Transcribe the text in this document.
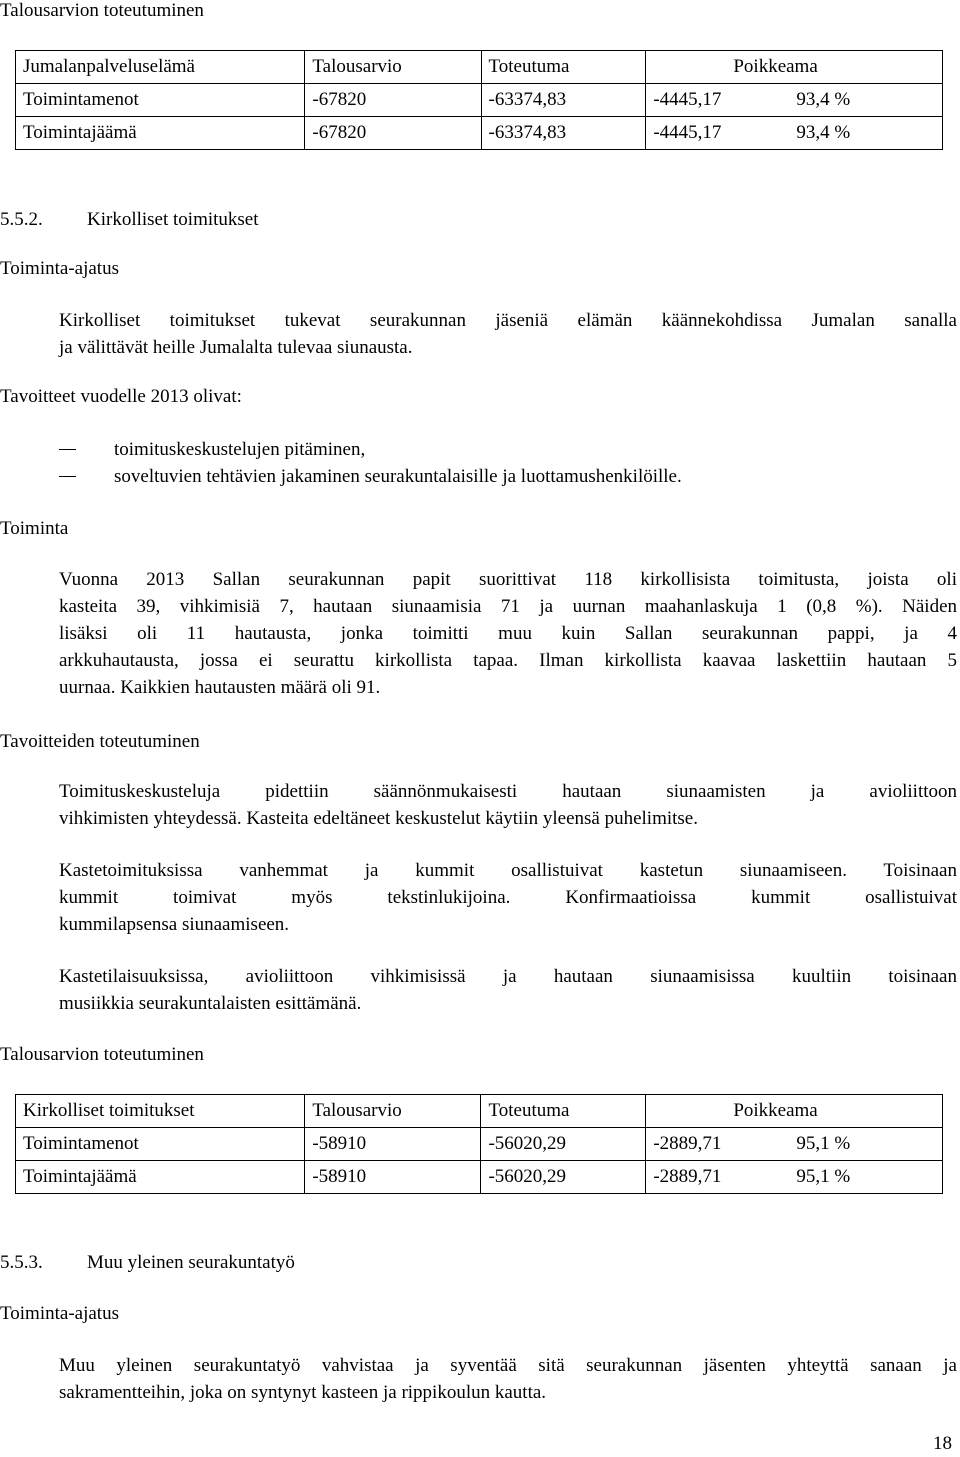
Talousarvion toteutuminen
Jumalanpalveluselämä	Talousarvio	Toteutuma	Poikkeama
Toimintamenot	-67820	-63374,83	-4445,17 93,4 %

Toimintajäämä	-67820	-63374,83	-4445,17 93,4 %
5.5.2. Kirkolliset toimitukset
Toiminta-ajatus
Kirkolliset toimitukset tukevat seurakunnan jäseniä elämän käännekohdissa Jumalan sanalla
ja välittävät heille Jumalalta tulevaa siunausta.
Tavoitteet vuodelle 2013 olivat:
toimituskeskustelujen pitäminen,
soveltuvien tehtävien jakaminen seurakuntalaisille ja luottamushenkilöille.
Toiminta
Vuonna 2013 Sallan seurakunnan papit suorittivat 118 kirkollisista toimitusta, joista oli
kasteita 39, vihkimisiä 7, hautaan siunaamisia 71 ja uurnan maahanlaskuja 1 (0,8 %). Näiden
lisäksi oli 11 hautausta, jonka toimitti muu kuin Sallan seurakunnan pappi, ja 4
arkkuhautausta, jossa ei seurattu kirkollista tapaa. Ilman kirkollista kaavaa laskettiin hautaan 5
uurnaa. Kaikkien hautausten määrä oli 91.
Tavoitteiden toteutuminen
Toimituskeskusteluja pidettiin säännönmukaisesti hautaan siunaamisten ja avioliittoon
vihkimisten yhteydessä. Kasteita edeltäneet keskustelut käytiin yleensä puhelimitse.
Kastetoimituksissa vanhemmat ja kummit osallistuivat kastetun siunaamiseen. Toisinaan
kummit toimivat myös tekstinlukijoina. Konfirmaatioissa kummit osallistuivat
kummilapsensa siunaamiseen.
Kastetilaisuuksissa, avioliittoon vihkimisissä ja hautaan siunaamisissa kuultiin toisinaan
musiikkia seurakuntalaisten esittämänä.
Talousarvion toteutuminen
Kirkolliset toimitukset	Talousarvio	Toteutuma	Poikkeama
Toimintamenot	-58910	-56020,29	-2889,71 95,1 %

Toimintajäämä	-58910	-56020,29	-2889,71 95,1 %
5.5.3. Muu yleinen seurakuntatyö
Toiminta-ajatus
Muu yleinen seurakuntatyö vahvistaa ja syventää sitä seurakunnan jäsenten yhteyttä sanaan ja
sakramentteihin, joka on syntynyt kasteen ja rippikoulun kautta.
18
